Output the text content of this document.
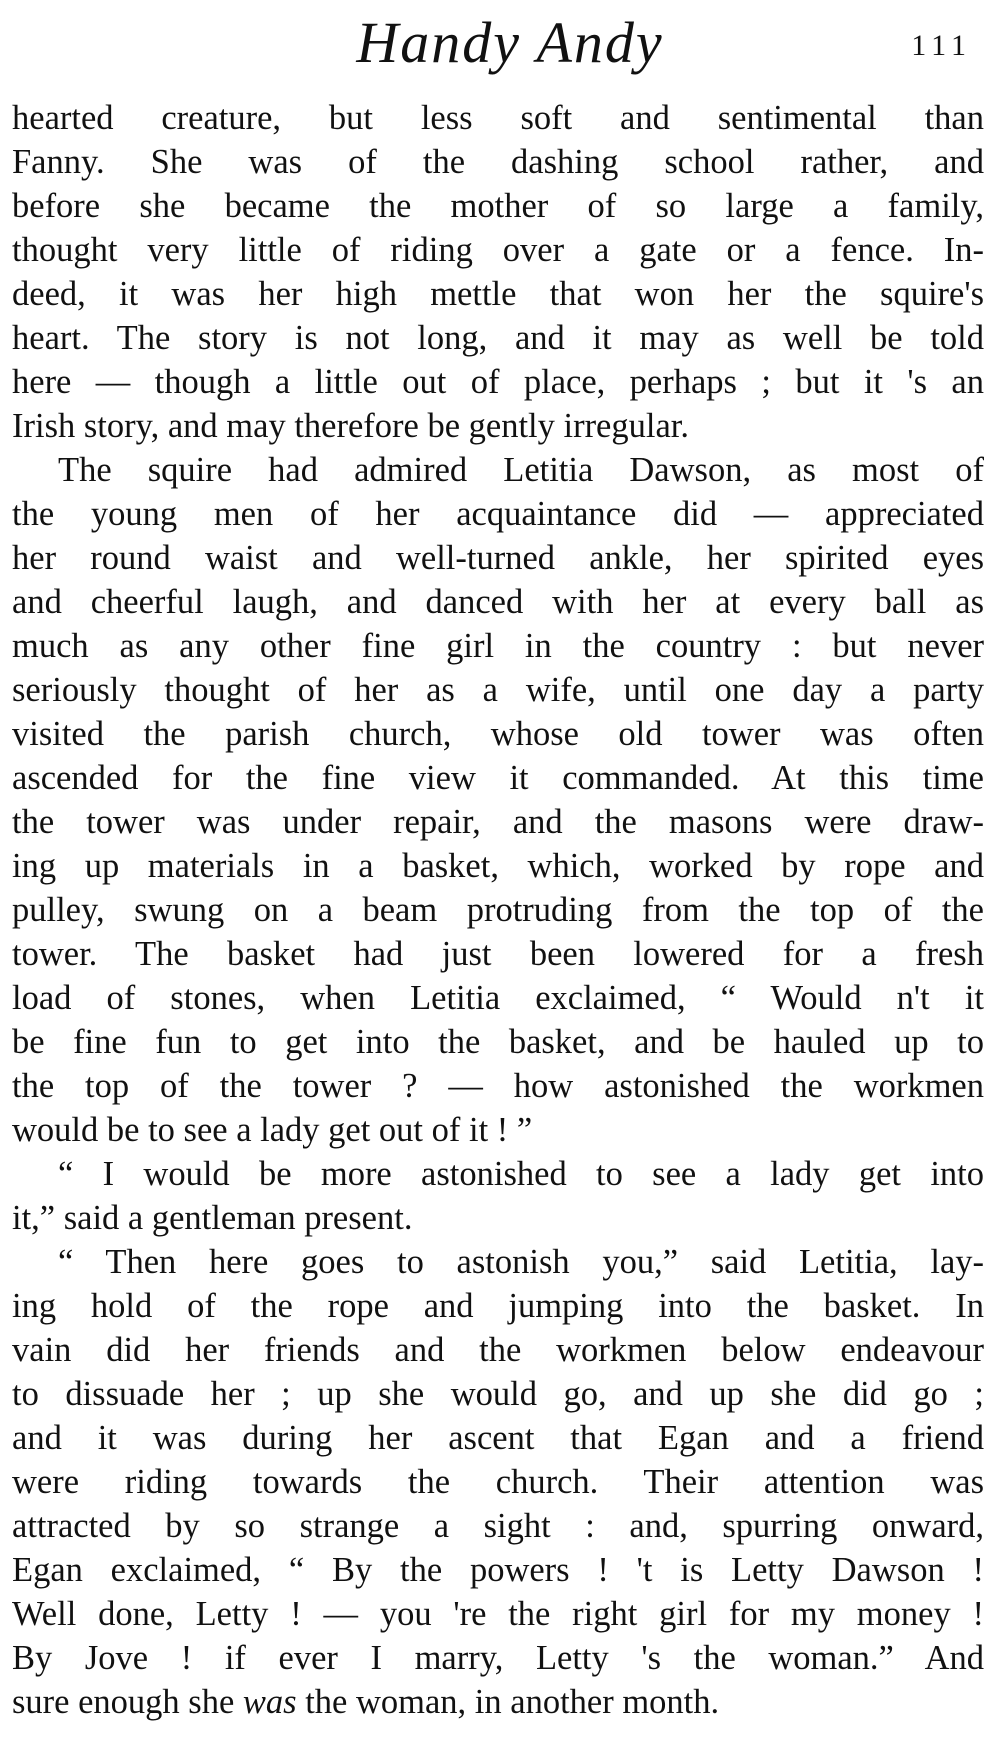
Handy Andy	111
hearted creature, but less soft and sentimental than
Fanny. She was of the dashing school rather, and
before she became the mother of so large a family,
thought very little of riding over a gate or a fence. In-
deed, it was her high mettle that won her the squire's
heart. The story is not long, and it may as well be told
here — though a little out of place, perhaps ; but it 's an
Irish story, and may therefore be gently irregular.
The squire had admired Letitia Dawson, as most of
the young men of her acquaintance did — appreciated
her round waist and well-turned ankle, her spirited eyes
and cheerful laugh, and danced with her at every ball as
much as any other fine girl in the country : but never
seriously thought of her as a wife, until one day a party
visited the parish church, whose old tower was often
ascended for the fine view it commanded. At this time
the tower was under repair, and the masons were draw-
ing up materials in a basket, which, worked by rope and
pulley, swung on a beam protruding from the top of the
tower. The basket had just been lowered for a fresh
load of stones, when Letitia exclaimed, “ Would n't it
be fine fun to get into the basket, and be hauled up to
the top of the tower ? — how astonished the workmen
would be to see a lady get out of it ! ”
“ I would be more astonished to see a lady get into
it,” said a gentleman present.
“ Then here goes to astonish you,” said Letitia, lay-
ing hold of the rope and jumping into the basket. In
vain did her friends and the workmen below endeavour
to dissuade her ; up she would go, and up she did go ;
and it was during her ascent that Egan and a friend
were riding towards the church. Their attention was
attracted by so strange a sight : and, spurring onward,
Egan exclaimed, “ By the powers ! 't is Letty Dawson !
Well done, Letty ! — you 're the right girl for my money !
By Jove ! if ever I marry, Letty 's the woman.” And
sure enough she was the woman, in another month.
